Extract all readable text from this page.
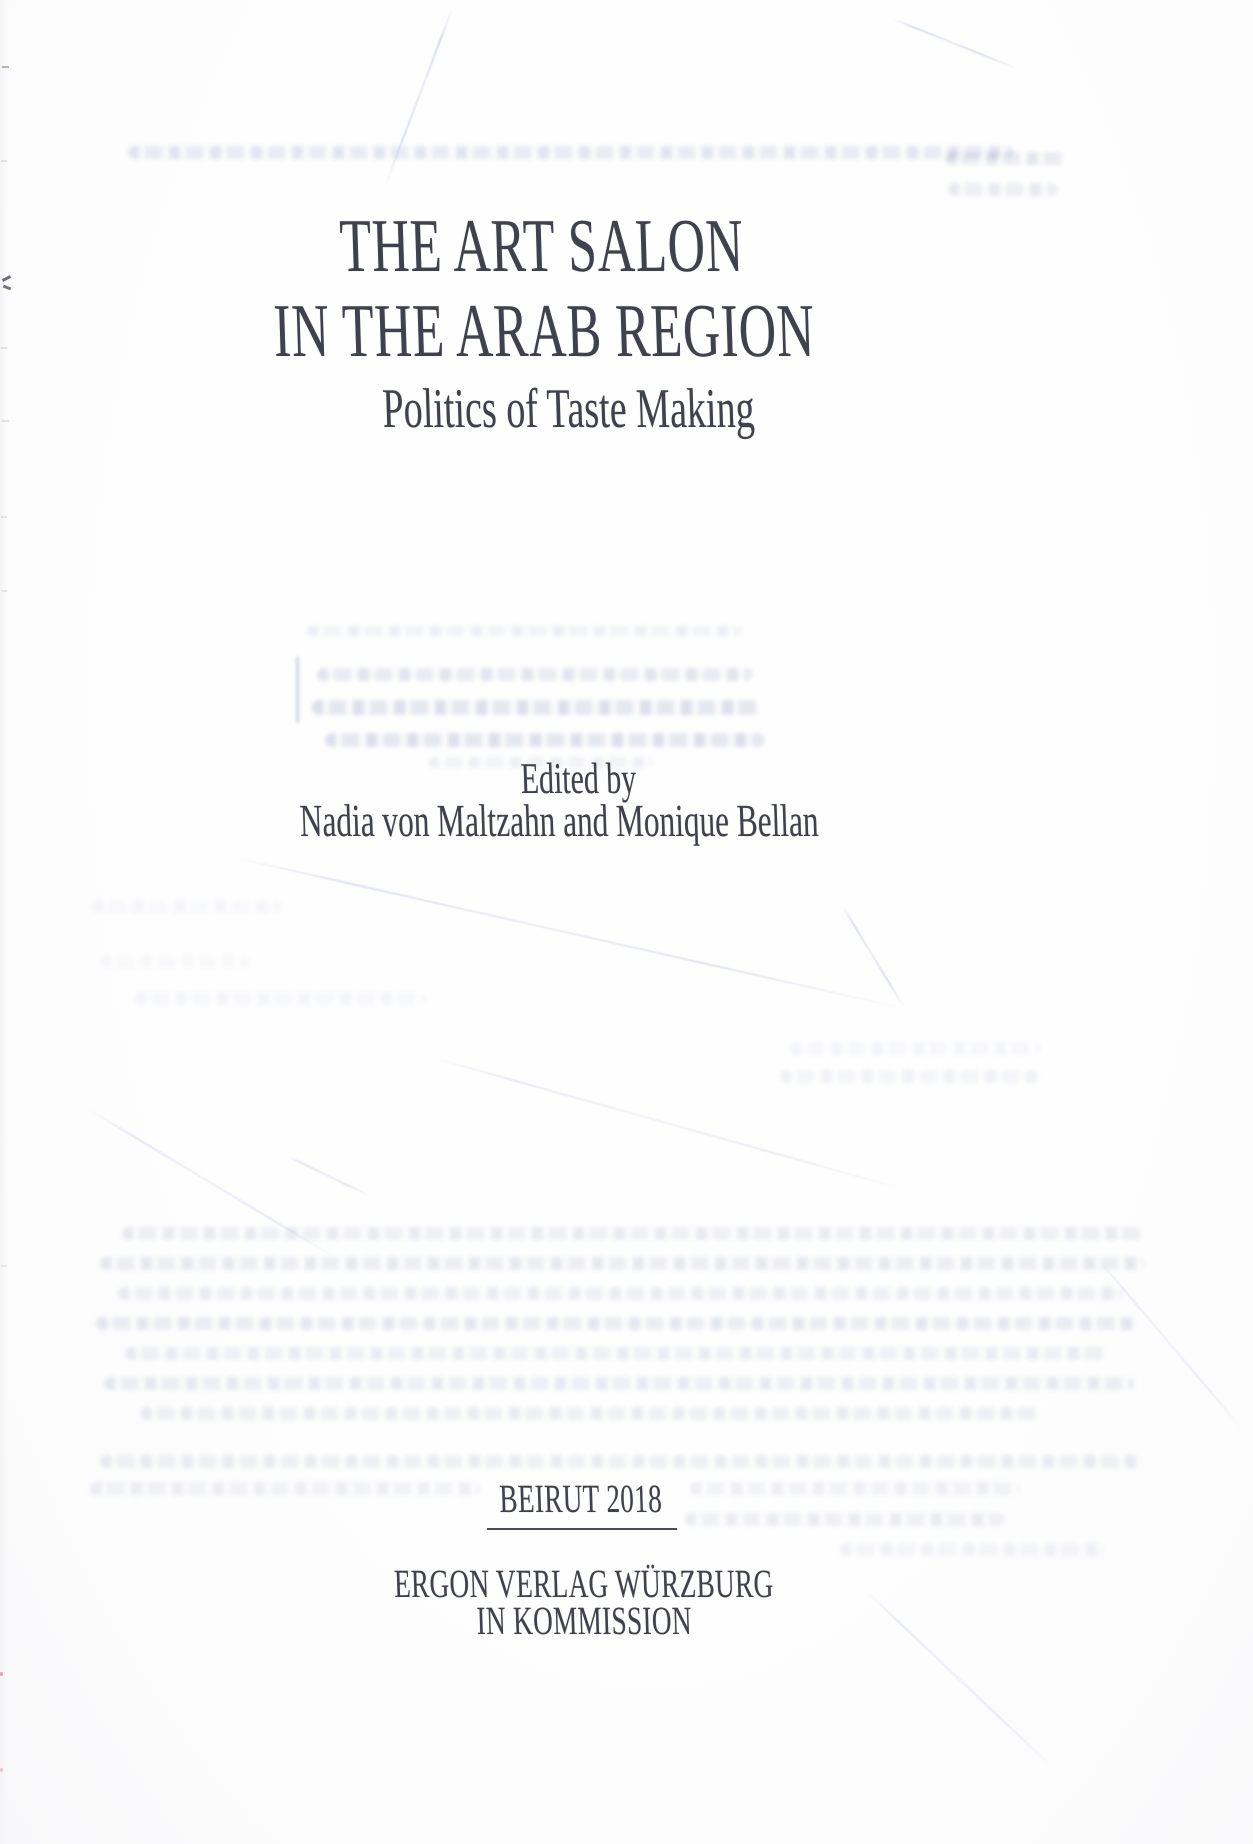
THE ART SALON
IN THE ARAB REGION
Politics of Taste Making
Edited by
Nadia von Maltzahn and Monique Bellan
BEIRUT 2018
ERGON VERLAG WÜRZBURG
IN KOMMISSION
